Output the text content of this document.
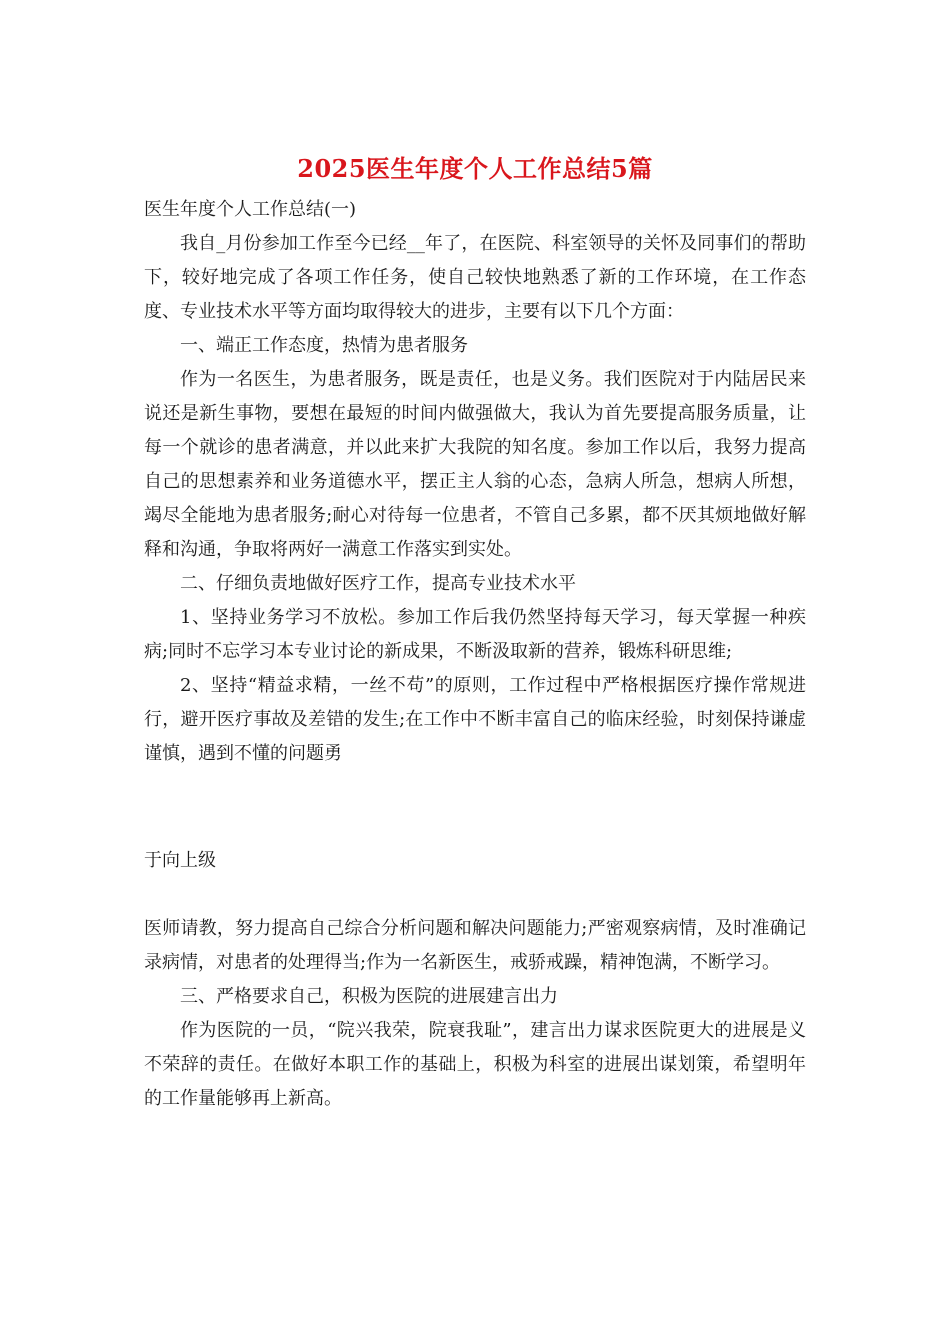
2025医生年度个人工作总结5篇

医生年度个人工作总结(一)

我自_月份参加工作至今已经__年了，在医院、科室领导的关怀及同事们的帮助下，较好地完成了各项工作任务，使自己较快地熟悉了新的工作环境，在工作态度、专业技术水平等方面均取得较大的进步，主要有以下几个方面：

一、端正工作态度，热情为患者服务

作为一名医生，为患者服务，既是责任，也是义务。我们医院对于内陆居民来说还是新生事物，要想在最短的时间内做强做大，我认为首先要提高服务质量，让每一个就诊的患者满意，并以此来扩大我院的知名度。参加工作以后，我努力提高自己的思想素养和业务道德水平，摆正主人翁的心态，急病人所急，想病人所想，竭尽全能地为患者服务;耐心对待每一位患者，不管自己多累，都不厌其烦地做好解释和沟通，争取将两好一满意工作落实到实处。

二、仔细负责地做好医疗工作，提高专业技术水平

1、坚持业务学习不放松。参加工作后我仍然坚持每天学习，每天掌握一种疾病;同时不忘学习本专业讨论的新成果，不断汲取新的营养，锻炼科研思维;

2、坚持“精益求精，一丝不苟”的原则，工作过程中严格根据医疗操作常规进行，避开医疗事故及差错的发生;在工作中不断丰富自己的临床经验，时刻保持谦虚谨慎，遇到不懂的问题勇

于向上级

医师请教，努力提高自己综合分析问题和解决问题能力;严密观察病情，及时准确记录病情，对患者的处理得当;作为一名新医生，戒骄戒躁，精神饱满，不断学习。

三、严格要求自己，积极为医院的进展建言出力

作为医院的一员，“院兴我荣，院衰我耻”，建言出力谋求医院更大的进展是义不荣辞的责任。在做好本职工作的基础上，积极为科室的进展出谋划策，希望明年的工作量能够再上新高。
